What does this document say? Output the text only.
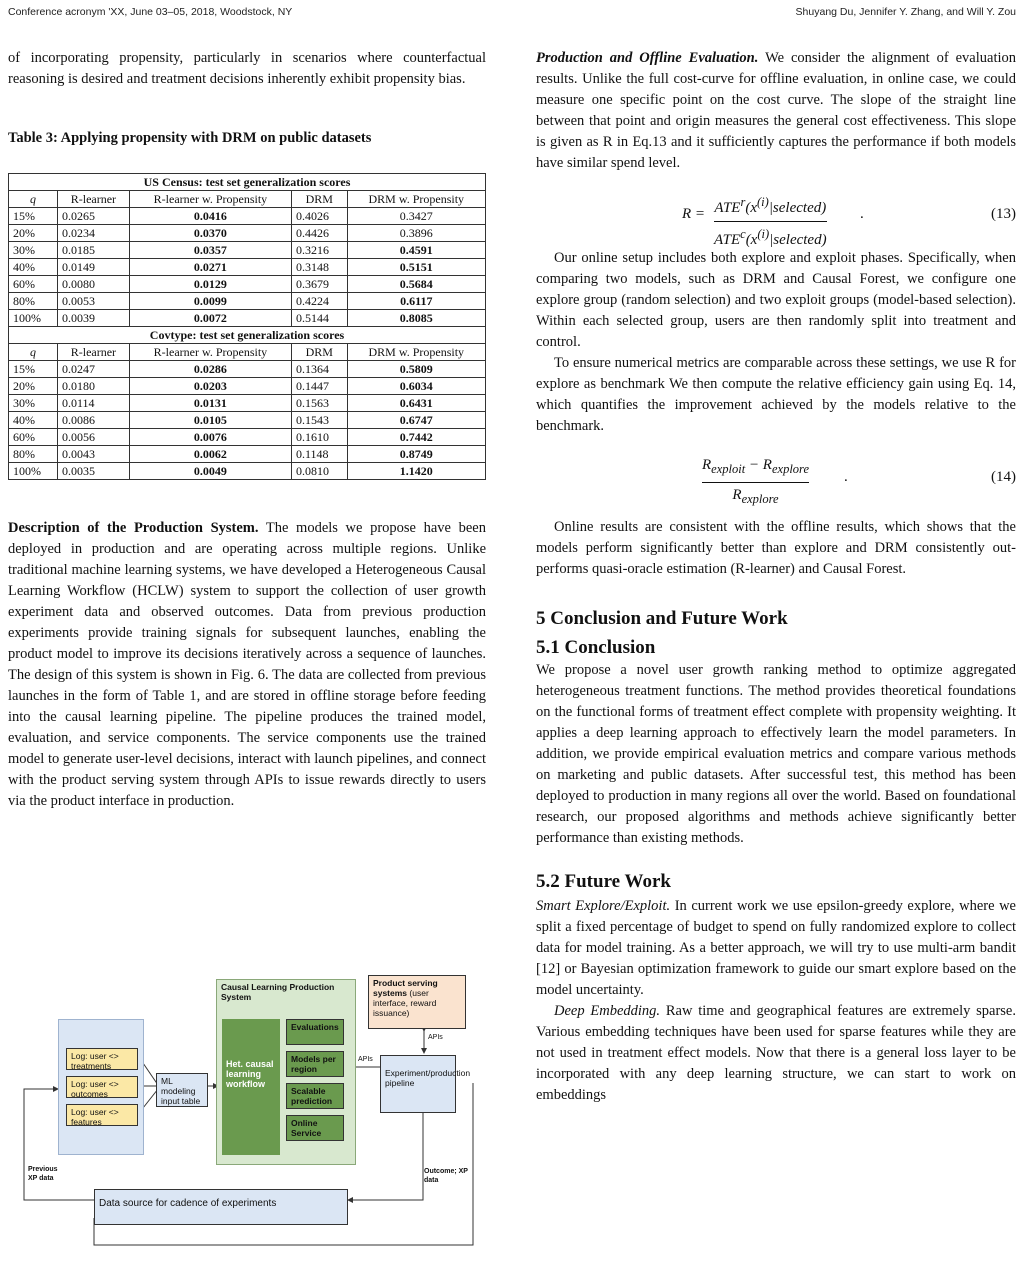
Conference acronym 'XX, June 03–05, 2018, Woodstock, NY	Shuyang Du, Jennifer Y. Zhang, and Will Y. Zou

of incorporating propensity, particularly in scenarios where counterfactual reasoning is desired and treatment decisions inherently exhibit propensity bias.

Table 3: Applying propensity with DRM on public datasets
US Census: test set generalization scores				
q	R-learner	R-learner w. Propensity	DRM	DRM w. Propensity
15%	0.0265	0.0416	0.4026	0.3427
20%	0.0234	0.0370	0.4426	0.3896
30%	0.0185	0.0357	0.3216	0.4591
40%	0.0149	0.0271	0.3148	0.5151
60%	0.0080	0.0129	0.3679	0.5684
80%	0.0053	0.0099	0.4224	0.6117
100%	0.0039	0.0072	0.5144	0.8085
Covtype: test set generalization scores				
q	R-learner	R-learner w. Propensity	DRM	DRM w. Propensity
15%	0.0247	0.0286	0.1364	0.5809
20%	0.0180	0.0203	0.1447	0.6034
30%	0.0114	0.0131	0.1563	0.6431
40%	0.0086	0.0105	0.1543	0.6747
60%	0.0056	0.0076	0.1610	0.7442
80%	0.0043	0.0062	0.1148	0.8749
100%	0.0035	0.0049	0.0810	1.1420

Description of the Production System. The models we propose have been deployed in production and are operating across multiple regions. Unlike traditional machine learning systems, we have developed a Heterogeneous Causal Learning Workflow (HCLW) system to support the collection of user growth experiment data and observed outcomes. Data from previous production experiments provide training signals for subsequent launches, enabling the product model to improve its decisions iteratively across a sequence of launches. The design of this system is shown in Fig. 6. The data are collected from previous launches in the form of Table 1, and are stored in offline storage before feeding into the causal learning pipeline. The pipeline produces the trained model, evaluation, and service components. The service components use the trained model to generate user-level decisions, interact with launch pipelines, and connect with the product serving system through APIs to issue rewards directly to users via the product interface in production.

Log: user <> treatments
Log: user <> outcomes
Log: user <> features
ML modeling input table
Causal Learning Production System
Het. causal learning workflow
Evaluations
Models per region
Scalable prediction
Online Service
Product serving systems (user interface, reward issuance)
APIs
APIs
Experiment/production pipeline
Outcome; XP data
Previous XP data
Data source for cadence of experiments

Production and Offline Evaluation. We consider the alignment of evaluation results. Unlike the full cost-curve for offline evaluation, in online case, we could measure one specific point on the cost curve. The slope of the straight line between that point and origin measures the general cost effectiveness. This slope is given as R in Eq.13 and it sufficiently captures the performance if both models have similar spend level.

$R = ATE^r(x^{(i)}|selected)$
$ATE^c(x^{(i)}|selected)$
.	(13)

Our online setup includes both explore and exploit phases. Specifically, when comparing two models, such as DRM and Causal Forest, we configure one explore group (random selection) and two exploit groups (model-based selection). Within each selected group, users are then randomly split into treatment and control.

To ensure numerical metrics are comparable across these settings, we use R for explore as benchmark We then compute the relative efficiency gain using Eq. 14, which quantifies the improvement achieved by the models relative to the benchmark.

$R_{exploit} - R_{explore}$
$R_{explore}$
.	(14)

Online results are consistent with the offline results, which shows that the models perform significantly better than explore and DRM consistently out-performs quasi-oracle estimation (R-learner) and Causal Forest.

5 Conclusion and Future Work
5.1 Conclusion

We propose a novel user growth ranking method to optimize aggregated heterogeneous treatment functions. The method provides theoretical foundations on the functional forms of treatment effect complete with propensity weighting. It applies a deep learning approach to effectively learn the model parameters. In addition, we provide empirical evaluation metrics and compare various methods on marketing and public datasets. After successful test, this method has been deployed to production in many regions all over the world. Based on foundational research, our proposed algorithms and methods achieve significantly better performance than existing methods.

5.2 Future Work

Smart Explore/Exploit. In current work we use epsilon-greedy explore, where we split a fixed percentage of budget to spend on fully randomized explore to collect data for model training. As a better approach, we will try to use multi-arm bandit [12] or Bayesian optimization framework to guide our smart explore based on the model uncertainty.

Deep Embedding. Raw time and geographical features are extremely sparse. Various embedding techniques have been used for sparse features while they are not used in treatment effect models. Now that there is a general loss layer to be incorporated with any deep learning structure, we can start to work on embeddings
